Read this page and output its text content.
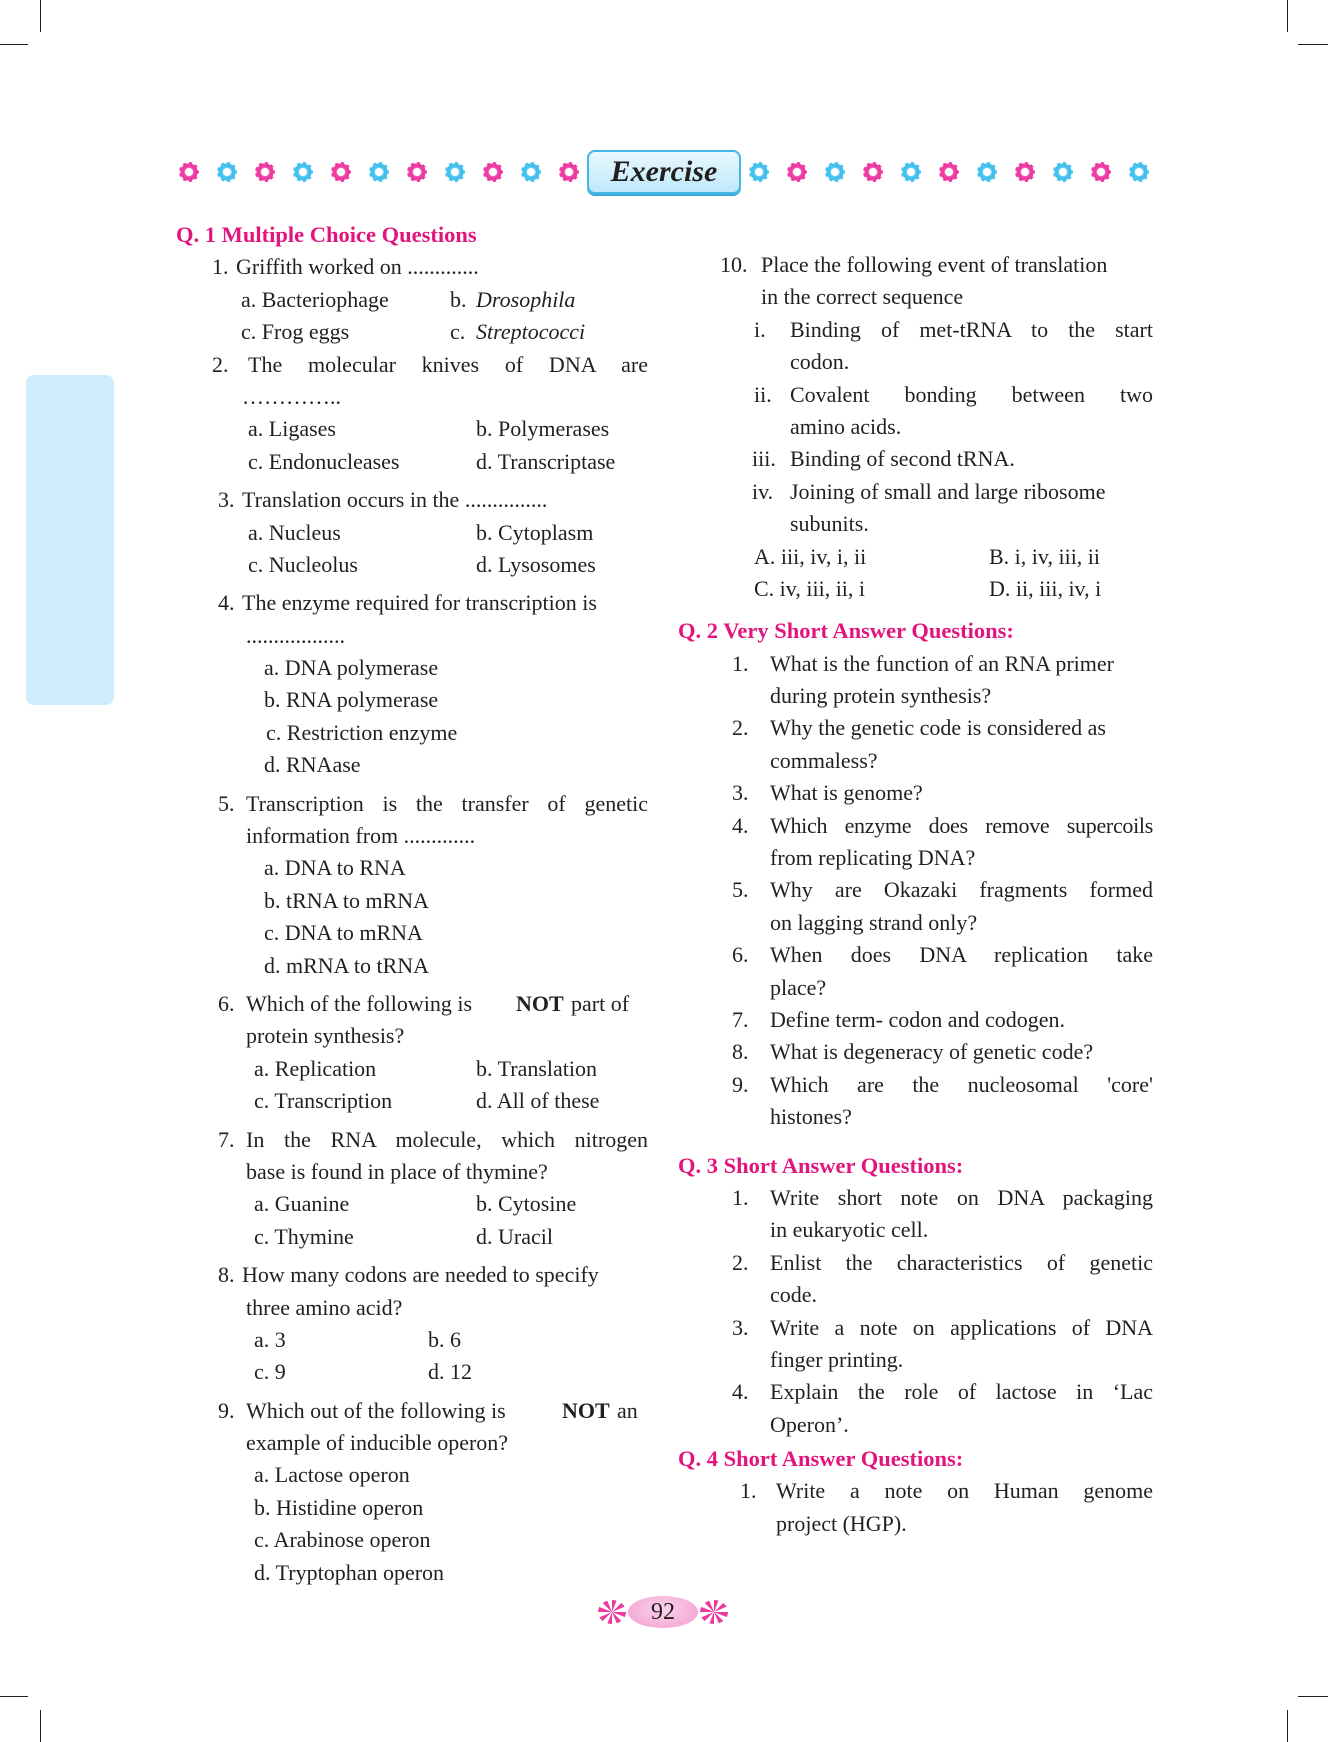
Exercise
Q. 1 Multiple Choice Questions
1. Griffith worked on .............
a. Bacteriophage	b. Drosophila
c. Frog eggs	c. Streptococci
2. The molecular knives of DNA are
…………..
a. Ligases	b. Polymerases
c. Endonucleases	d. Transcriptase
3. Translation occurs in the ...............
a. Nucleus	b. Cytoplasm
c. Nucleolus	d. Lysosomes
4. The enzyme required for transcription is
..................
a. DNA polymerase
b. RNA polymerase
c. Restriction enzyme
d. RNAase
5. Transcription is the transfer of genetic
information from .............
a. DNA to RNA
b. tRNA to mRNA
c. DNA to mRNA
d. mRNA to tRNA
6. Which of the following is NOT part of
protein synthesis?
a. Replication	b. Translation
c. Transcription	d. All of these
7. In the RNA molecule, which nitrogen
base is found in place of thymine?
a. Guanine	b. Cytosine
c. Thymine	d. Uracil
8. How many codons are needed to specify
three amino acid?
a. 3	b. 6
c. 9	d. 12
9. Which out of the following is	NOT an
example of inducible operon?
a. Lactose operon
b. Histidine operon
c. Arabinose operon
d. Tryptophan operon
10. Place the following event of translation
in the correct sequence
i. Binding of met-tRNA to the start
codon.
ii. Covalent bonding between two
amino acids.
iii. Binding of second tRNA.
iv. Joining of small and large ribosome
subunits.
A. iii, iv, i, ii	B. i, iv, iii, ii
C. iv, iii, ii, i	D. ii, iii, iv, i
Q. 2 Very Short Answer Questions:
1. What is the function of an RNA primer
during protein synthesis?
2. Why the genetic code is considered as
commaless?
3. What is genome?
4. Which enzyme does remove supercoils
from replicating DNA?
5. Why are Okazaki fragments formed
on lagging strand only?
6. When does DNA replication take
place?
7. Define term- codon and codogen.
8. What is degeneracy of genetic code?
9. Which are the nucleosomal 'core'
histones?
Q. 3 Short Answer Questions:
1. Write short note on DNA packaging
in eukaryotic cell.
2. Enlist the characteristics of genetic
code.
3. Write a note on applications of DNA
finger printing.
4. Explain the role of lactose in ‘Lac
Operon’.
Q. 4 Short Answer Questions:
1. Write a note on Human genome
project (HGP).
92
